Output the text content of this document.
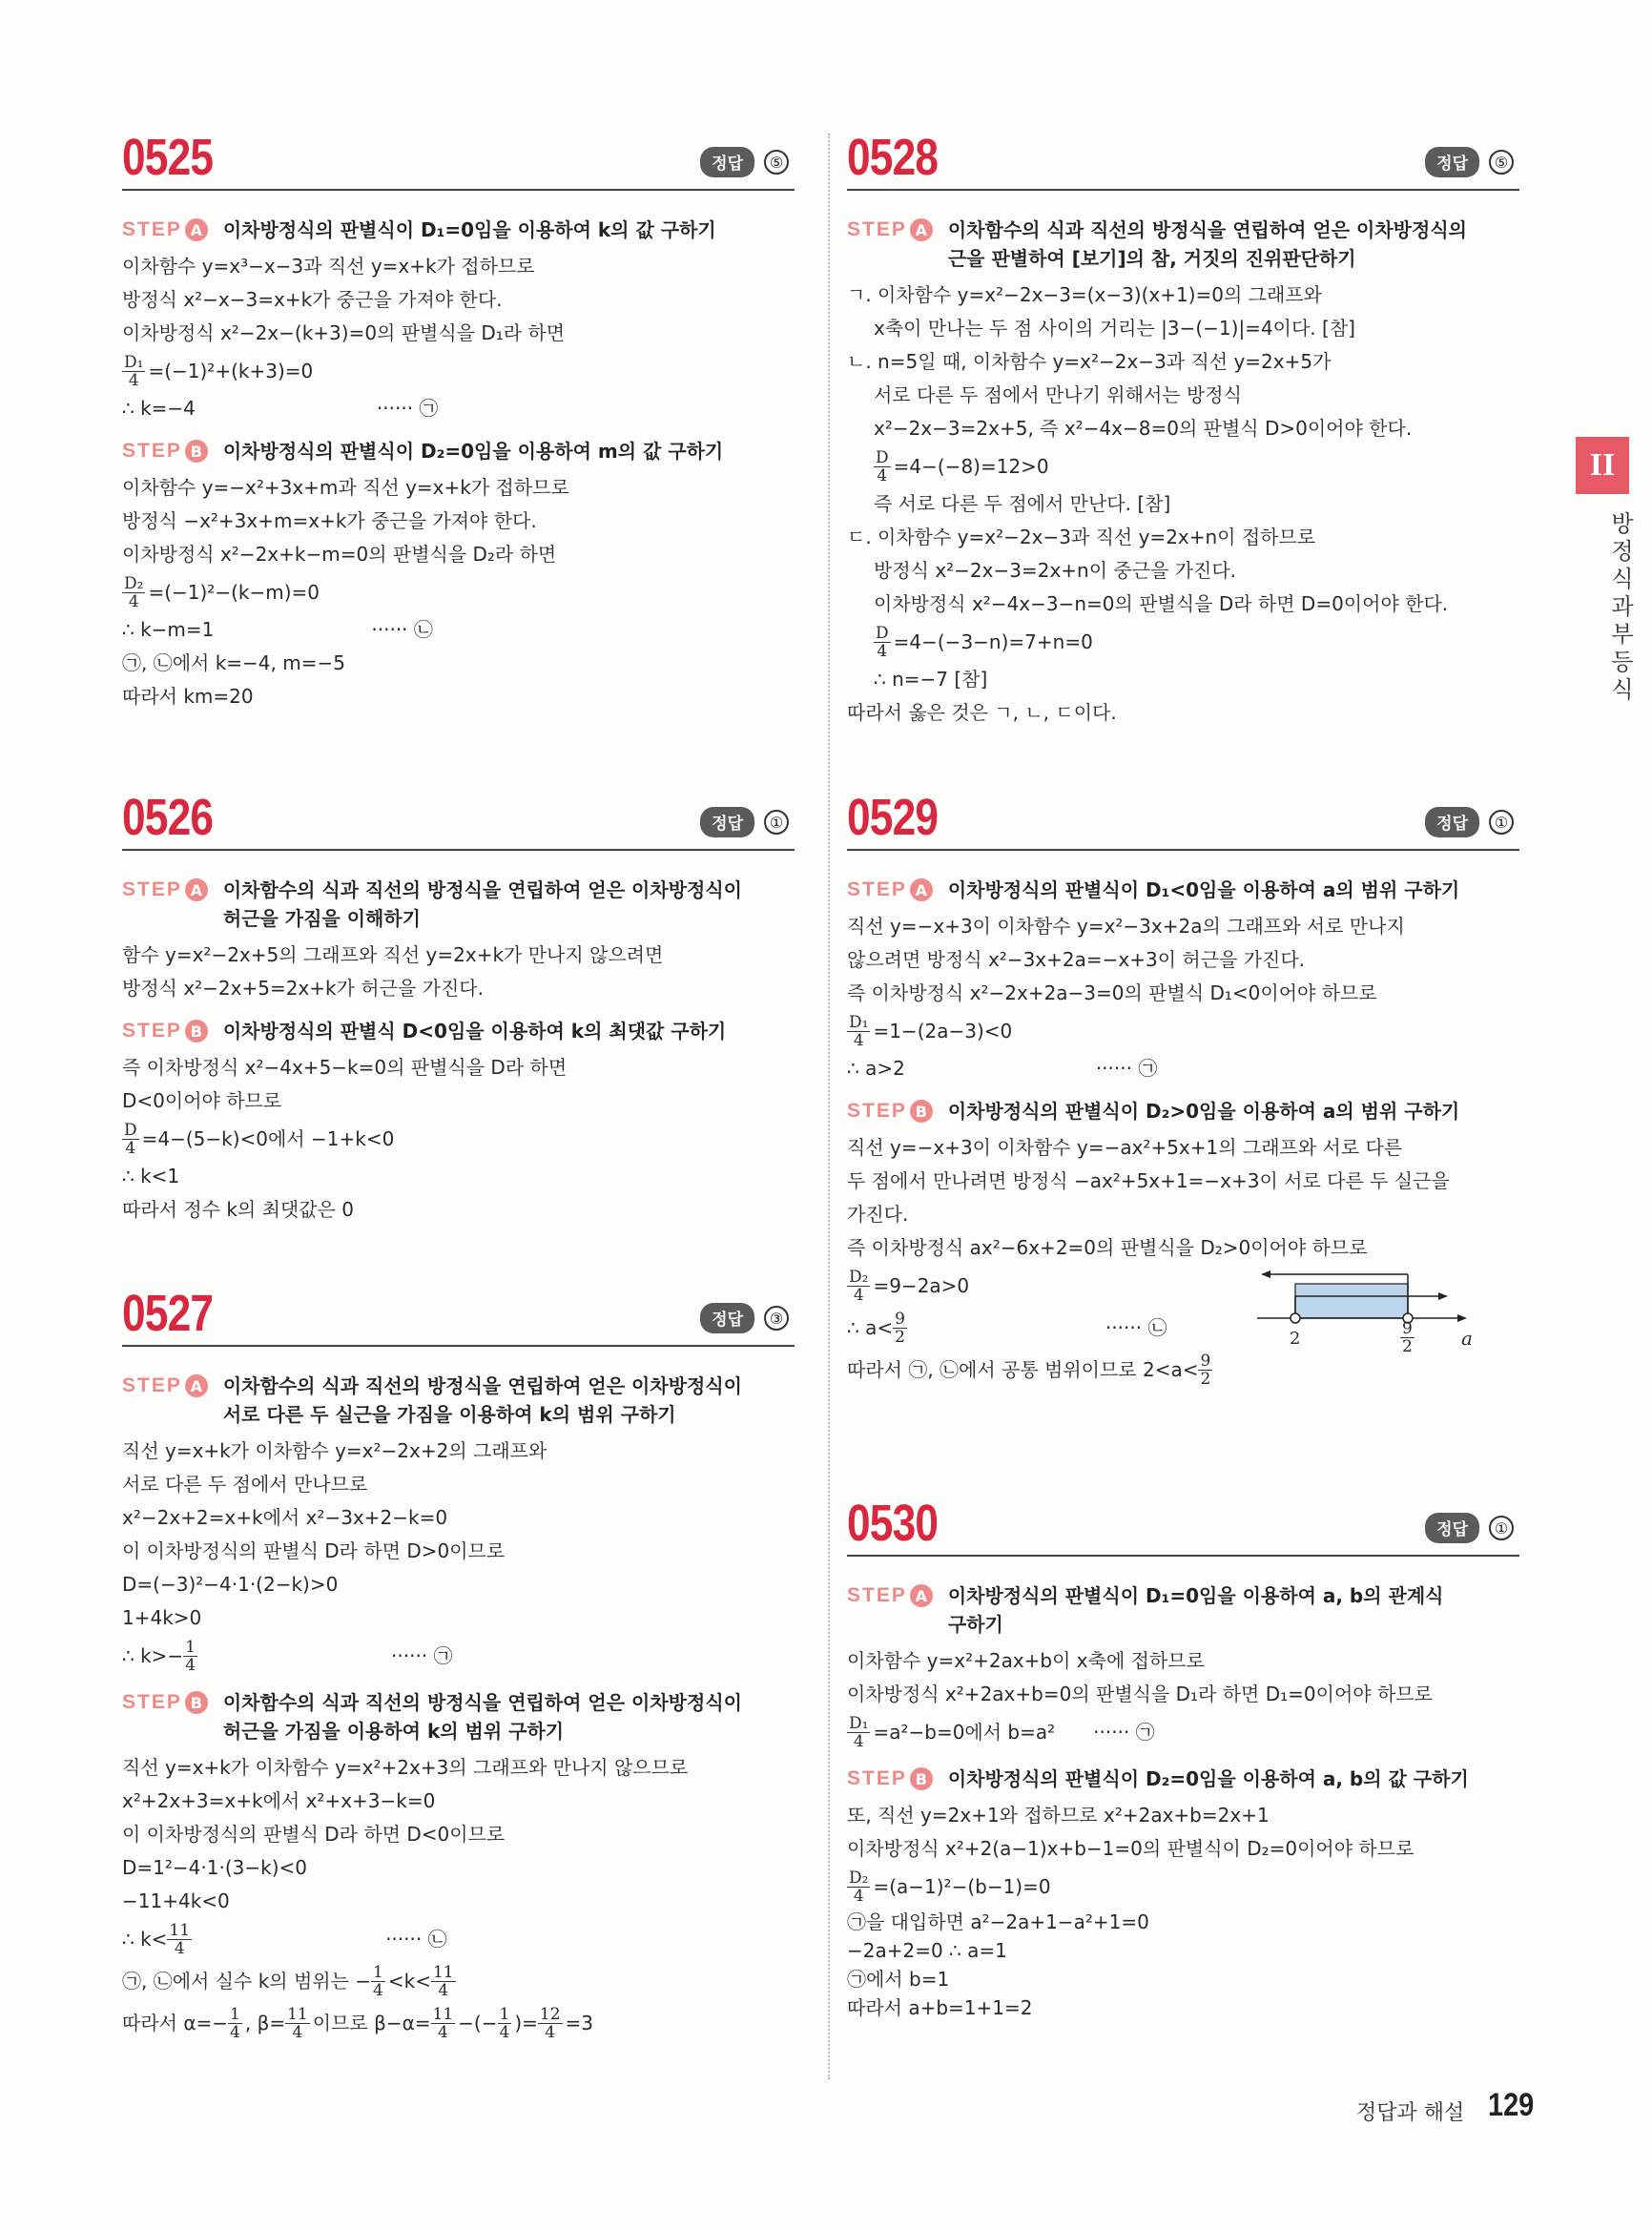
II
방정식과 부등식
0525	정답	⑤
STEP A 이차방정식의 판별식이 D₁=0임을 이용하여 k의 값 구하기
이차함수 y=x³−x−3과 직선 y=x+k가 접하므로
방정식 x²−x−3=x+k가 중근을 가져야 한다.
이차방정식 x²−2x−(k+3)=0의 판별식을 D₁라 하면
$\frac{\text{D₁}}{4} =(-1)^2+(k+3)=0$
∴ k=−4	······ ㉠
STEP B 이차방정식의 판별식이 D₂=0임을 이용하여 m의 값 구하기
이차함수 y=−x²+3x+m과 직선 y=x+k가 접하므로
방정식 −x²+3x+m=x+k가 중근을 가져야 한다.
이차방정식 x²−2x+k−m=0의 판별식을 D₂라 하면
$\frac{\text{D₂}}{4} =(-1)^2-(k-m)=0$
∴ k−m=1	······ ㉡
㉠, ㉡에서 k=−4, m=−5
따라서 km=20
0526	정답	①
STEP A 이차함수의 식과 직선의 방정식을 연립하여 얻은 이차방정식이
허근을 가짐을 이해하기
함수 y=x²−2x+5의 그래프와 직선 y=2x+k가 만나지 않으려면
방정식 x²−2x+5=2x+k가 허근을 가진다.
STEP B 이차방정식의 판별식 D<0임을 이용하여 k의 최댓값 구하기
즉 이차방정식 x²−4x+5−k=0의 판별식을 D라 하면
D<0이어야 하므로
$\frac{D}{4} =4-(5-k)<0$에서 −1+k<0
∴ k<1
따라서 정수 k의 최댓값은 0
0527	정답	③
STEP A 이차함수의 식과 직선의 방정식을 연립하여 얻은 이차방정식이
서로 다른 두 실근을 가짐을 이용하여 k의 범위 구하기
직선 y=x+k가 이차함수 y=x²−2x+2의 그래프와
서로 다른 두 점에서 만나므로
x²−2x+2=x+k에서 x²−3x+2−k=0
이 이차방정식의 판별식 D라 하면 D>0이므로
D=(−3)²−4·1·(2−k)>0
1+4k>0
∴ $k>- \frac{1}{4}$	······ ㉠
STEP B 이차함수의 식과 직선의 방정식을 연립하여 얻은 이차방정식이
허근을 가짐을 이용하여 k의 범위 구하기
직선 y=x+k가 이차함수 y=x²+2x+3의 그래프와 만나지 않으므로
x²+2x+3=x+k에서 x²+x+3−k=0
이 이차방정식의 판별식 D라 하면 D<0이므로
D=1²−4·1·(3−k)<0
−11+4k<0
∴ $k< \frac{11}{4}$	······ ㉡
㉠, ㉡에서 실수 k의 범위는 − $\frac{1}{4} <k< \frac{11}{4}$
따라서 $\alpha=- \frac{1}{4}$ , $\beta= \frac{11}{4}$ 이므로 $\beta-\alpha= \frac{11}{4}$ −(− $\frac{1}{4}$ )= $\frac{12}{4} =3$
0528	정답	⑤
STEP A 이차함수의 식과 직선의 방정식을 연립하여 얻은 이차방정식의
근을 판별하여 [보기]의 참, 거짓의 진위판단하기
ㄱ. 이차함수 y=x²−2x−3=(x−3)(x+1)=0의 그래프와
x축이 만나는 두 점 사이의 거리는 |3−(−1)|=4이다. [참]
ㄴ. n=5일 때, 이차함수 y=x²−2x−3과 직선 y=2x+5가
서로 다른 두 점에서 만나기 위해서는 방정식
x²−2x−3=2x+5, 즉 x²−4x−8=0의 판별식 D>0이어야 한다.
$\frac{D}{4} =4-(-8)=12>0$
즉 서로 다른 두 점에서 만난다. [참]
ㄷ. 이차함수 y=x²−2x−3과 직선 y=2x+n이 접하므로
방정식 x²−2x−3=2x+n이 중근을 가진다.
이차방정식 x²−4x−3−n=0의 판별식을 D라 하면 D=0이어야 한다.
$\frac{D}{4} =4-(-3-n)=7+n=0$
∴ n=−7 [참]
따라서 옳은 것은 ㄱ, ㄴ, ㄷ이다.
0529	정답	①
STEP A 이차방정식의 판별식이 D₁<0임을 이용하여 a의 범위 구하기
직선 y=−x+3이 이차함수 y=x²−3x+2a의 그래프와 서로 만나지
않으려면 방정식 x²−3x+2a=−x+3이 허근을 가진다.
즉 이차방정식 x²−2x+2a−3=0의 판별식 D₁<0이어야 하므로
$\frac{\text{D₁}}{4} =1-(2a-3)<0$
∴ a>2	······ ㉠
STEP B 이차방정식의 판별식이 D₂>0임을 이용하여 a의 범위 구하기
직선 y=−x+3이 이차함수 y=−ax²+5x+1의 그래프와 서로 다른
두 점에서 만나려면 방정식 −ax²+5x+1=−x+3이 서로 다른 두 실근을
가진다.
즉 이차방정식 ax²−6x+2=0의 판별식을 D₂>0이어야 하므로
$\frac{\text{D₂}}{4} =9-2a>0$
∴ $a< \frac{9}{2}$	······ ㉡	2	$\frac{9}{2}$ a
따라서 ㉠, ㉡에서 공통 범위이므로 $2<a< \frac{9}{2}$
0530	정답	①
STEP A 이차방정식의 판별식이 D₁=0임을 이용하여 a, b의 관계식
구하기
이차함수 y=x²+2ax+b이 x축에 접하므로
이차방정식 x²+2ax+b=0의 판별식을 D₁라 하면 D₁=0이어야 하므로
$\frac{\text{D₁}}{4} =a^2-b=0$에서 b=a² ······ ㉠
STEP B 이차방정식의 판별식이 D₂=0임을 이용하여 a, b의 값 구하기
또, 직선 y=2x+1와 접하므로 x²+2ax+b=2x+1
이차방정식 x²+2(a−1)x+b−1=0의 판별식이 D₂=0이어야 하므로
$\frac{\text{D₂}}{4} =(a-1)^2-(b-1)=0$
㉠을 대입하면 a²−2a+1−a²+1=0
−2a+2=0 ∴ a=1
㉠에서 b=1
따라서 a+b=1+1=2
정답과 해설 129
